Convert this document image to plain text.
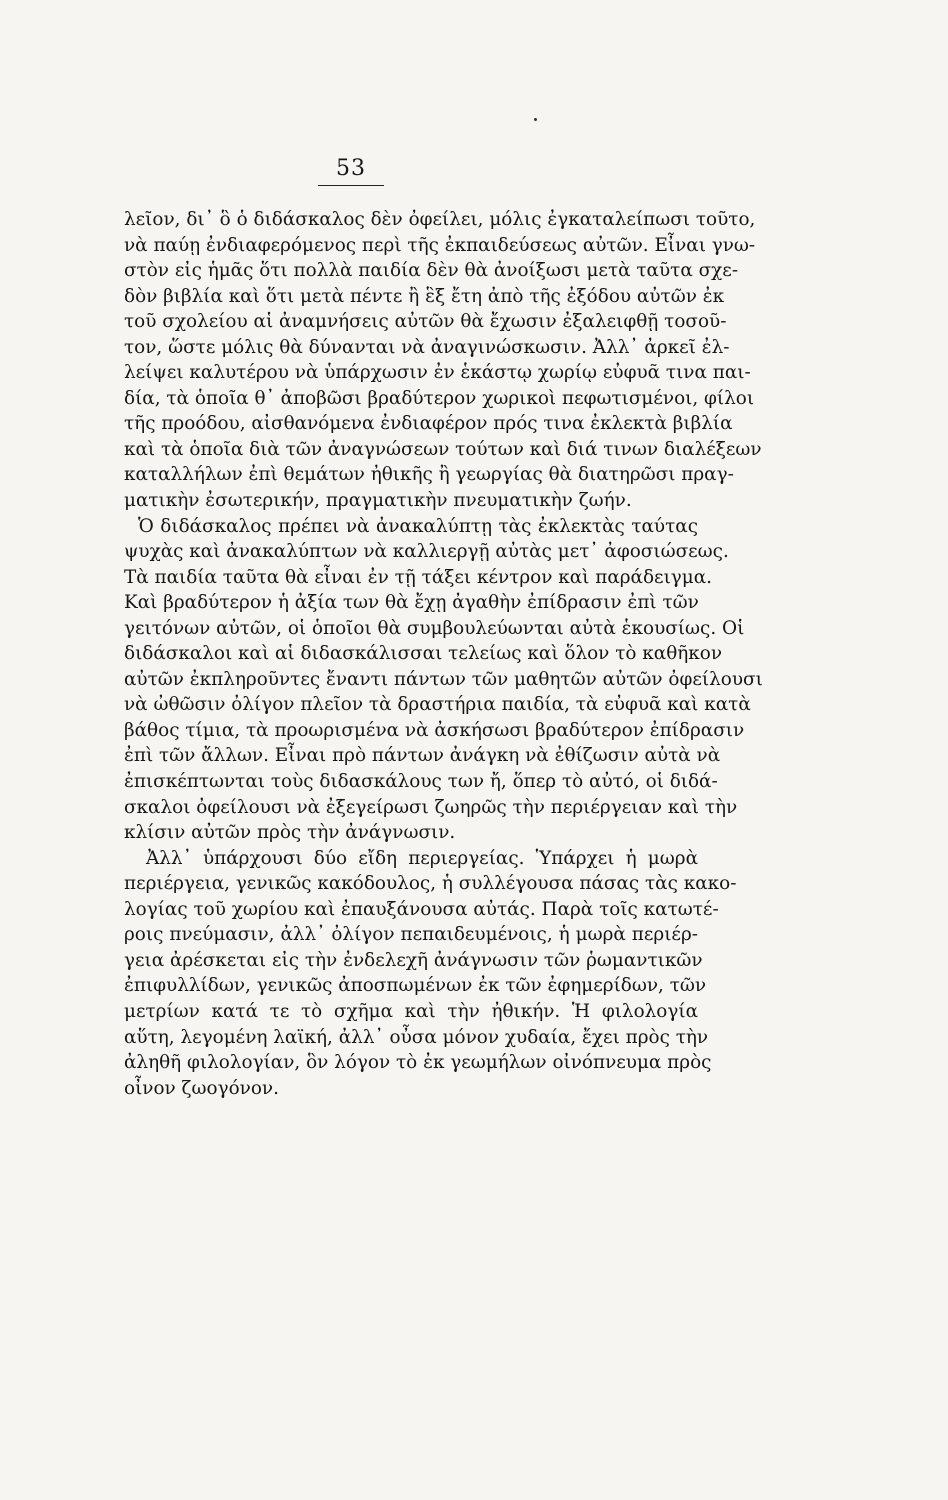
53
λεῖον, δι᾽ ὃ ὁ διδάσκαλος δὲν ὀφείλει, μόλις ἐγκαταλείπωσι τοῦτο,
νὰ παύῃ ἐνδιαφερόμενος περὶ τῆς ἐκπαιδεύσεως αὐτῶν. Εἶναι γνω-
στὸν εἰς ἡμᾶς ὅτι πολλὰ παιδία δὲν θὰ ἀνοίξωσι μετὰ ταῦτα σχε-
δὸν βιβλία καὶ ὅτι μετὰ πέντε ἢ ἓξ ἔτη ἀπὸ τῆς ἐξόδου αὐτῶν ἐκ
τοῦ σχολείου αἱ ἀναμνήσεις αὐτῶν θὰ ἔχωσιν ἐξαλειφθῇ τοσοῦ-
τον, ὥστε μόλις θὰ δύνανται νὰ ἀναγινώσκωσιν. Ἀλλ᾽ ἀρκεῖ ἐλ-
λείψει καλυτέρου νὰ ὑπάρχωσιν ἐν ἑκάστῳ χωρίῳ εὐφυᾶ τινα παι-
δία, τὰ ὁποῖα θ᾽ ἀποβῶσι βραδύτερον χωρικοὶ πεφωτισμένοι, φίλοι
τῆς προόδου, αἰσθανόμενα ἐνδιαφέρον πρός τινα ἐκλεκτὰ βιβλία
καὶ τὰ ὁποῖα διὰ τῶν ἀναγνώσεων τούτων καὶ διά τινων διαλέξεων
καταλλήλων ἐπὶ θεμάτων ἠθικῆς ἢ γεωργίας θὰ διατηρῶσι πραγ-
ματικὴν ἐσωτερικήν, πραγματικὴν πνευματικὴν ζωήν.
Ὁ διδάσκαλος πρέπει νὰ ἀνακαλύπτῃ τὰς ἐκλεκτὰς ταύτας
ψυχὰς καὶ ἀνακαλύπτων νὰ καλλιεργῇ αὐτὰς μετ᾽ ἀφοσιώσεως.
Τὰ παιδία ταῦτα θὰ εἶναι ἐν τῇ τάξει κέντρον καὶ παράδειγμα.
Καὶ βραδύτερον ἡ ἀξία των θὰ ἔχῃ ἀγαθὴν ἐπίδρασιν ἐπὶ τῶν
γειτόνων αὐτῶν, οἱ ὁποῖοι θὰ συμβουλεύωνται αὐτὰ ἑκουσίως. Οἱ
διδάσκαλοι καὶ αἱ διδασκάλισσαι τελείως καὶ ὅλον τὸ καθῆκον
αὐτῶν ἐκπληροῦντες ἔναντι πάντων τῶν μαθητῶν αὐτῶν ὀφείλουσι
νὰ ὠθῶσιν ὀλίγον πλεῖον τὰ δραστήρια παιδία, τὰ εὐφυᾶ καὶ κατὰ
βάθος τίμια, τὰ προωρισμένα νὰ ἀσκήσωσι βραδύτερον ἐπίδρασιν
ἐπὶ τῶν ἄλλων. Εἶναι πρὸ πάντων ἀνάγκη νὰ ἐθίζωσιν αὐτὰ νὰ
ἐπισκέπτωνται τοὺς διδασκάλους των ἤ, ὅπερ τὸ αὐτό, οἱ διδά-
σκαλοι ὀφείλουσι νὰ ἐξεγείρωσι ζωηρῶς τὴν περιέργειαν καὶ τὴν
κλίσιν αὐτῶν πρὸς τὴν ἀνάγνωσιν.
Ἀλλ᾽ ὑπάρχουσι δύο εἴδη περιεργείας. Ὑπάρχει ἡ μωρὰ
περιέργεια, γενικῶς κακόδουλος, ἡ συλλέγουσα πάσας τὰς κακο-
λογίας τοῦ χωρίου καὶ ἐπαυξάνουσα αὐτάς. Παρὰ τοῖς κατωτέ-
ροις πνεύμασιν, ἀλλ᾽ ὀλίγον πεπαιδευμένοις, ἡ μωρὰ περιέρ-
γεια ἀρέσκεται εἰς τὴν ἐνδελεχῆ ἀνάγνωσιν τῶν ῥωμαντικῶν
ἐπιφυλλίδων, γενικῶς ἀποσπωμένων ἐκ τῶν ἐφημερίδων, τῶν
μετρίων κατά τε τὸ σχῆμα καὶ τὴν ἠθικήν. Ἡ φιλολογία
αὕτη, λεγομένη λαϊκή, ἀλλ᾽ οὖσα μόνον χυδαία, ἔχει πρὸς τὴν
ἀληθῆ φιλολογίαν, ὃν λόγον τὸ ἐκ γεωμήλων οἰνόπνευμα πρὸς
οἶνον ζωογόνον.
